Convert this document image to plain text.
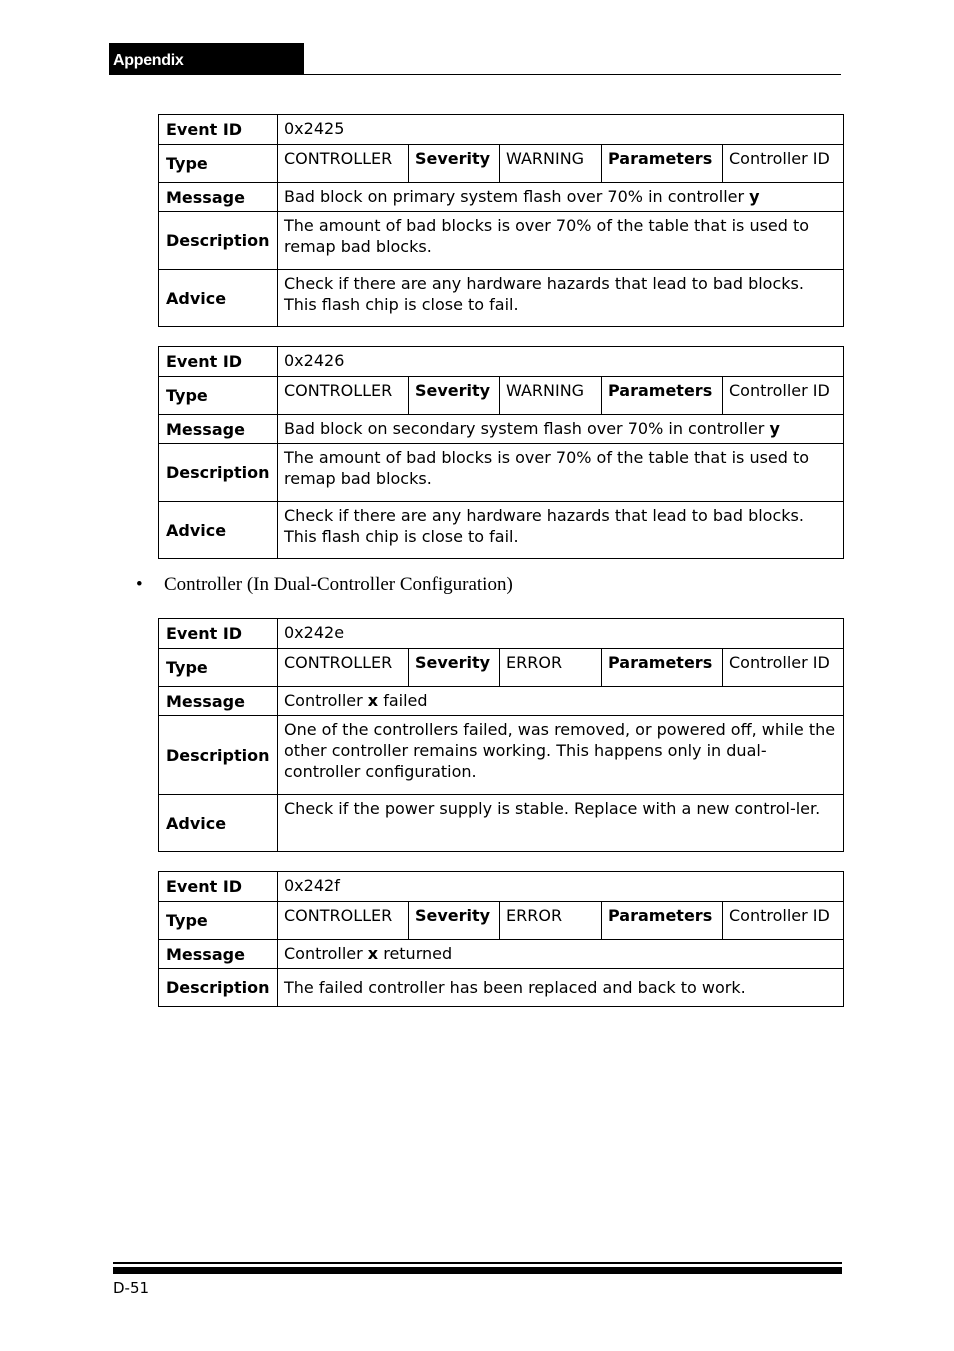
Appendix
Event ID	0x2425				
Type	CONTROLLER	Severity	WARNING	Parameters	Controller ID
Message	Bad block on primary system flash over 70% in controller y				
Description	The amount of bad blocks is over 70% of the table that is used to remap bad blocks.				
Advice	Check if there are any hardware hazards that lead to bad blocks. This flash chip is close to fail.				
Event ID	0x2426				
Type	CONTROLLER	Severity	WARNING	Parameters	Controller ID
Message	Bad block on secondary system flash over 70% in controller y				
Description	The amount of bad blocks is over 70% of the table that is used to remap bad blocks.				
Advice	Check if there are any hardware hazards that lead to bad blocks. This flash chip is close to fail.				
• Controller (In Dual-Controller Configuration)
Event ID	0x242e				
Type	CONTROLLER	Severity	ERROR	Parameters	Controller ID
Message	Controller x failed				
Description	One of the controllers failed, was removed, or powered off, while the other controller remains working. This happens only in dual-controller configuration.				
Advice	Check if the power supply is stable. Replace with a new control-ler.				
Event ID	0x242f				
Type	CONTROLLER	Severity	ERROR	Parameters	Controller ID
Message	Controller x returned				
Description	The failed controller has been replaced and back to work.				
D-51
